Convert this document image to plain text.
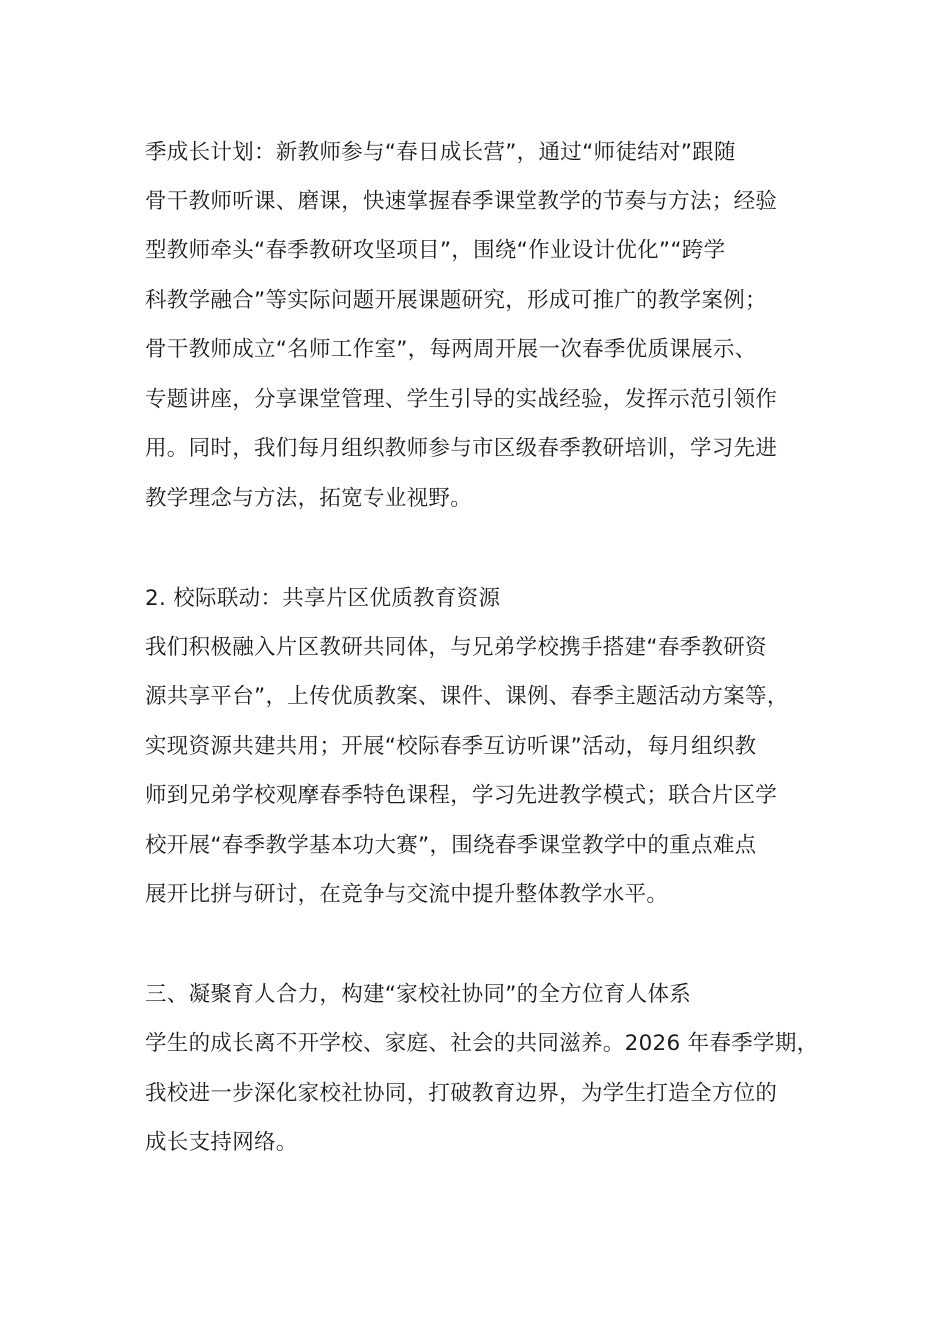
季成长计划：新教师参与“春日成长营”，通过“师徒结对”跟随
骨干教师听课、磨课，快速掌握春季课堂教学的节奏与方法；经验
型教师牵头“春季教研攻坚项目”，围绕“作业设计优化”“跨学
科教学融合”等实际问题开展课题研究，形成可推广的教学案例；
骨干教师成立“名师工作室”，每两周开展一次春季优质课展示、
专题讲座，分享课堂管理、学生引导的实战经验，发挥示范引领作
用。同时，我们每月组织教师参与市区级春季教研培训，学习先进
教学理念与方法，拓宽专业视野。
2. 校际联动：共享片区优质教育资源
我们积极融入片区教研共同体，与兄弟学校携手搭建“春季教研资
源共享平台”，上传优质教案、课件、课例、春季主题活动方案等，
实现资源共建共用；开展“校际春季互访听课”活动，每月组织教
师到兄弟学校观摩春季特色课程，学习先进教学模式；联合片区学
校开展“春季教学基本功大赛”，围绕春季课堂教学中的重点难点
展开比拼与研讨，在竞争与交流中提升整体教学水平。
三、凝聚育人合力，构建“家校社协同”的全方位育人体系
学生的成长离不开学校、家庭、社会的共同滋养。2026 年春季学期，
我校进一步深化家校社协同，打破教育边界，为学生打造全方位的
成长支持网络。
